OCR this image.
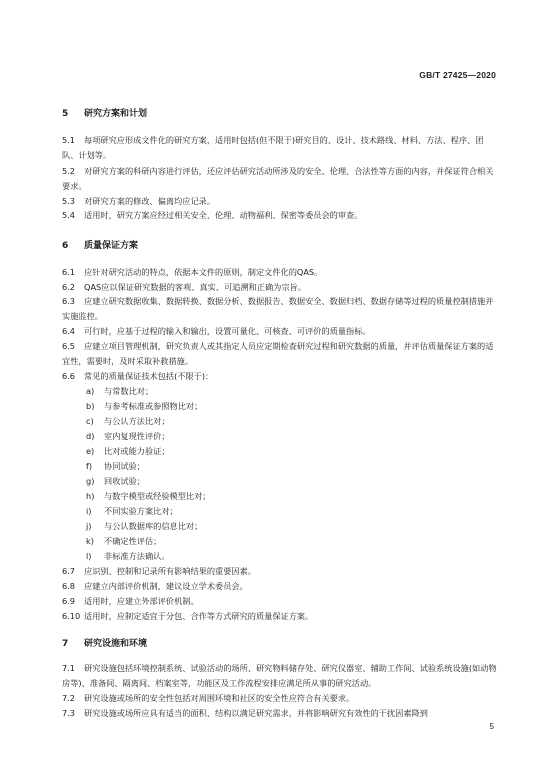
GB/T 27425—2020
5 研究方案和计划
5.1 每项研究应形成文件化的研究方案，适用时包括(但不限于)研究目的、设计、技术路线、材料、方法、程序、团队、计划等。
5.2 对研究方案的科研内容进行评估，还应评估研究活动所涉及的安全、伦理、合法性等方面的内容，并保证符合相关要求。
5.3 对研究方案的修改、偏离均应记录。
5.4 适用时，研究方案应经过相关安全、伦理、动物福利、保密等委员会的审查。
6 质量保证方案
6.1 应针对研究活动的特点，依据本文件的原则，制定文件化的QAS。
6.2 QAS应以保证研究数据的客观、真实、可追溯和正确为宗旨。
6.3 应建立研究数据收集、数据转换、数据分析、数据报告、数据安全、数据归档、数据存储等过程的质量控制措施并实施监控。
6.4 可行时，应基于过程的输入和输出，设置可量化、可核查、可评价的质量指标。
6.5 应建立项目管理机制，研究负责人或其指定人员应定期检查研究过程和研究数据的质量，并评估质量保证方案的适宜性，需要时，及时采取补救措施。
6.6 常见的质量保证技术包括(不限于)：
a) 与常数比对；
b) 与参考标准或参照物比对；
c) 与公认方法比对；
d) 室内复现性评价；
e) 比对或能力验证；
f) 协同试验；
g) 回收试验；
h) 与数字模型或经验模型比对；
i) 不同实验方案比对；
j) 与公认数据库的信息比对；
k) 不确定性评估；
l) 非标准方法确认。
6.7 应识别、控制和记录所有影响结果的重要因素。
6.8 应建立内部评价机制，建议设立学术委员会。
6.9 适用时，应建立外部评价机制。
6.10 适用时，应制定适宜于分包、合作等方式研究的质量保证方案。
7 研究设施和环境
7.1 研究设施包括环境控制系统、试验活动的场所、研究物料储存处、研究仪器室、辅助工作间、试验系统设施(如动物房等)、准备间、隔离间、档案室等，功能区及工作流程安排应满足所从事的研究活动。
7.2 研究设施或场所的安全性包括对周围环境和社区的安全性应符合有关要求。
7.3 研究设施或场所应具有适当的面积、结构以满足研究需求，并将影响研究有效性的干扰因素降到
5
